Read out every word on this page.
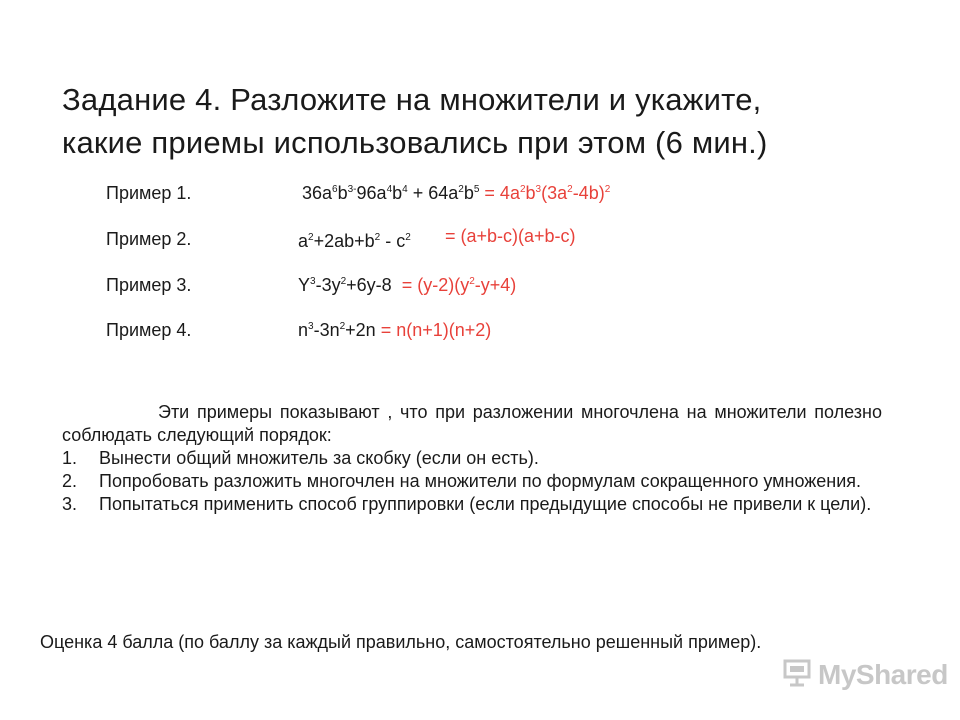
Задание 4. Разложите на множители и укажите,
какие приемы использовались при этом (6 мин.)
Пример 1.	$36a^6b^{3-}96a^4b^4 + 64a^2b^5 = 4a^2b^3(3a^2-4b)^2$
Пример 2.	$a^2+2ab+b^2 - c^2 = (a+b-c)(a+b-c)$
Пример 3.	$Y^3-3y^2+6y-8 = (y-2)(y^2-y+4)$
Пример 4.	$n^3-3n^2+2n = n(n+1)(n+2)$

Эти примеры показывают , что при разложении многочлена на множители полезно соблюдать следующий порядок:

1. Вынести общий множитель за скобку (если он есть).
2. Попробовать разложить многочлен на множители по формулам сокращенного умножения.
3. Попытаться применить способ группировки (если предыдущие способы не привели к цели).
Оценка 4 балла (по баллу за каждый правильно, самостоятельно решенный пример).
MyShared
